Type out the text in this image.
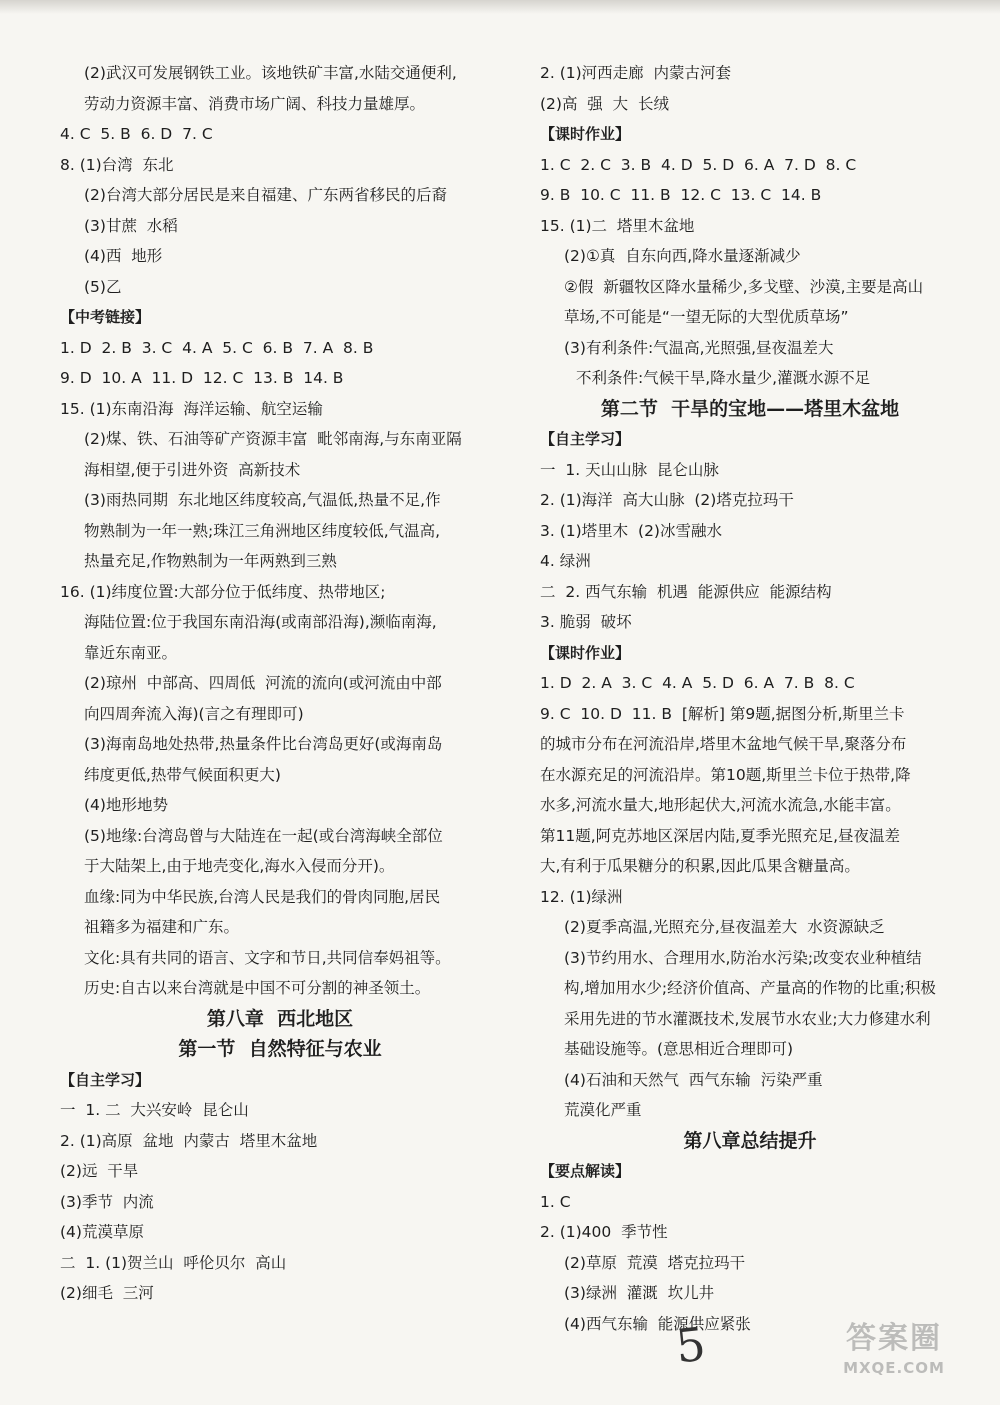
(2)武汉可发展钢铁工业。该地铁矿丰富,水陆交通便利,
劳动力资源丰富、消费市场广阔、科技力量雄厚。
4. C  5. B  6. D  7. C
8. (1)台湾  东北
(2)台湾大部分居民是来自福建、广东两省移民的后裔
(3)甘蔗  水稻
(4)西  地形
(5)乙
【中考链接】
1. D  2. B  3. C  4. A  5. C  6. B  7. A  8. B
9. D  10. A  11. D  12. C  13. B  14. B
15. (1)东南沿海  海洋运输、航空运输
(2)煤、铁、石油等矿产资源丰富  毗邻南海,与东南亚隔
海相望,便于引进外资  高新技术
(3)雨热同期  东北地区纬度较高,气温低,热量不足,作
物熟制为一年一熟;珠江三角洲地区纬度较低,气温高,
热量充足,作物熟制为一年两熟到三熟
16. (1)纬度位置:大部分位于低纬度、热带地区;
海陆位置:位于我国东南沿海(或南部沿海),濒临南海,
靠近东南亚。
(2)琼州  中部高、四周低  河流的流向(或河流由中部
向四周奔流入海)(言之有理即可)
(3)海南岛地处热带,热量条件比台湾岛更好(或海南岛
纬度更低,热带气候面积更大)
(4)地形地势
(5)地缘:台湾岛曾与大陆连在一起(或台湾海峡全部位
于大陆架上,由于地壳变化,海水入侵而分开)。
血缘:同为中华民族,台湾人民是我们的骨肉同胞,居民
祖籍多为福建和广东。
文化:具有共同的语言、文字和节日,共同信奉妈祖等。
历史:自古以来台湾就是中国不可分割的神圣领土。
第八章  西北地区
第一节  自然特征与农业
【自主学习】
一  1. 二  大兴安岭  昆仑山
2. (1)高原  盆地  内蒙古  塔里木盆地
(2)远  干旱
(3)季节  内流
(4)荒漠草原
二  1. (1)贺兰山  呼伦贝尔  高山
(2)细毛  三河
2. (1)河西走廊  内蒙古河套
(2)高  强  大  长绒
【课时作业】
1. C  2. C  3. B  4. D  5. D  6. A  7. D  8. C
9. B  10. C  11. B  12. C  13. C  14. B
15. (1)二  塔里木盆地
(2)①真  自东向西,降水量逐渐减少
②假  新疆牧区降水量稀少,多戈壁、沙漠,主要是高山
草场,不可能是“一望无际的大型优质草场”
(3)有利条件:气温高,光照强,昼夜温差大
不利条件:气候干旱,降水量少,灌溉水源不足
第二节  干旱的宝地——塔里木盆地
【自主学习】
一  1. 天山山脉  昆仑山脉
2. (1)海洋  高大山脉  (2)塔克拉玛干
3. (1)塔里木  (2)冰雪融水
4. 绿洲
二  2. 西气东输  机遇  能源供应  能源结构
3. 脆弱  破坏
【课时作业】
1. D  2. A  3. C  4. A  5. D  6. A  7. B  8. C
9. C  10. D  11. B  [解析] 第9题,据图分析,斯里兰卡
的城市分布在河流沿岸,塔里木盆地气候干旱,聚落分布
在水源充足的河流沿岸。第10题,斯里兰卡位于热带,降
水多,河流水量大,地形起伏大,河流水流急,水能丰富。
第11题,阿克苏地区深居内陆,夏季光照充足,昼夜温差
大,有利于瓜果糖分的积累,因此瓜果含糖量高。
12. (1)绿洲
(2)夏季高温,光照充分,昼夜温差大  水资源缺乏
(3)节约用水、合理用水,防治水污染;改变农业种植结
构,增加用水少;经济价值高、产量高的作物的比重;积极
采用先进的节水灌溉技术,发展节水农业;大力修建水利
基础设施等。(意思相近合理即可)
(4)石油和天然气  西气东输  污染严重
荒漠化严重
第八章总结提升
【要点解读】
1. C
2. (1)400  季节性
(2)草原  荒漠  塔克拉玛干
(3)绿洲  灌溉  坎儿井
(4)西气东输  能源供应紧张
5	答案圈
MXQE.COM
